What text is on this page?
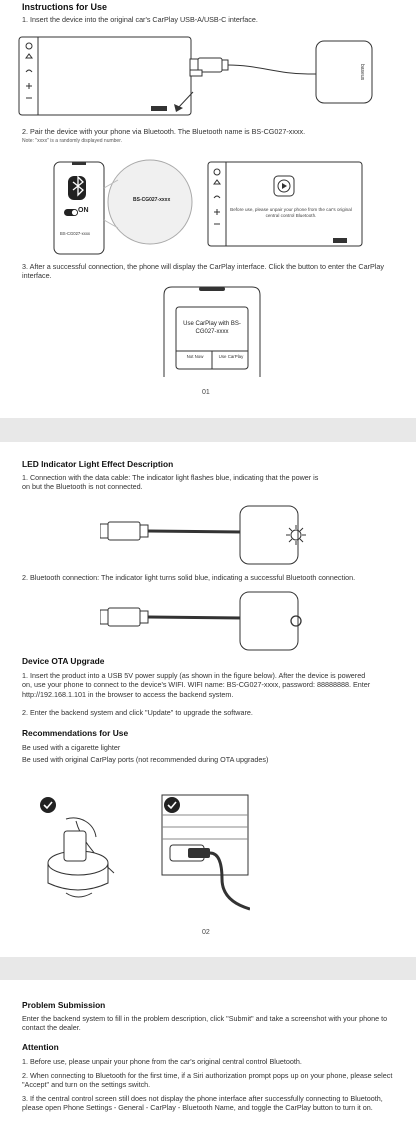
Instructions for Use
1. Insert the device into the original car's CarPlay USB-A/USB-C interface.
baseus
2. Pair the device with your phone via Bluetooth. The Bluetooth name is BS-CG027-xxxx.
Note: "xxxx" is a randomly displayed number.
ON
BS-CG027-xxxx
BS-CG027-xxxx
Before use, please unpair your phone from the car's original central control Bluetooth.
3. After a successful connection, the phone will display the CarPlay interface. Click the button to enter the CarPlay interface.
Use CarPlay with BS-CG027-xxxx
Not Now	Use CarPlay
01
LED Indicator Light Effect Description
1. Connection with the data cable: The indicator light flashes blue, indicating that the power is on but the Bluetooth is not connected.
2. Bluetooth connection: The indicator light turns solid blue, indicating a successful Bluetooth connection.
Device OTA Upgrade
1. Insert the product into a USB 5V power supply (as shown in the figure below). After the device is powered on, use your phone to connect to the device's WIFI. WIFI name: BS-CG027-xxxx, password: 88888888. Enter http://192.168.1.101 in the browser to access the backend system.
2. Enter the backend system and click "Update" to upgrade the software.
Recommendations for Use
Be used with a cigarette lighter
Be used with original CarPlay ports (not recommended during OTA upgrades)
02
Problem Submission
Enter the backend system to fill in the problem description, click "Submit" and take a screenshot with your phone to contact the dealer.
Attention
1. Before use, please unpair your phone from the car's original central control Bluetooth.
2. When connecting to Bluetooth for the first time, if a Siri authorization prompt pops up on your phone, please select "Accept" and turn on the settings switch.
3. If the central control screen still does not display the phone interface after successfully connecting to Bluetooth, please open Phone Settings - General - CarPlay - Bluetooth Name, and toggle the CarPlay button to turn it on.
